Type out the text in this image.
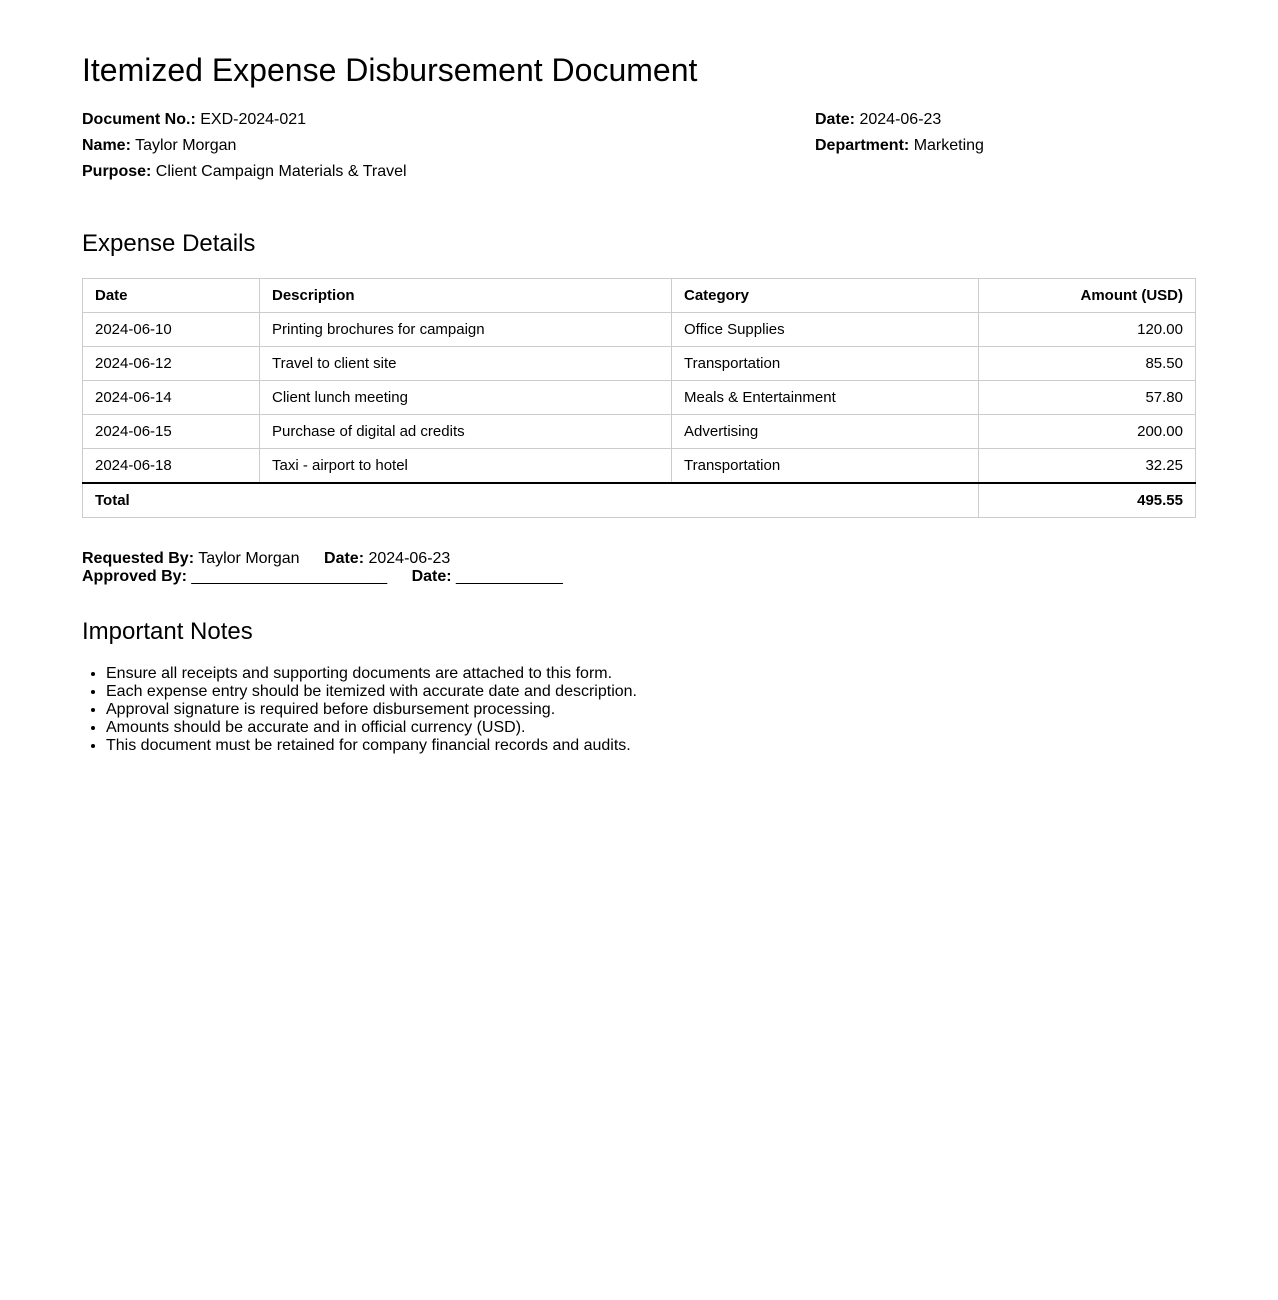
Itemized Expense Disbursement Document
Document No.: EXD-2024-021
Name: Taylor Morgan
Purpose: Client Campaign Materials & Travel
Date: 2024-06-23
Department: Marketing
Expense Details
Date	Description	Category	Amount (USD)
2024-06-10	Printing brochures for campaign	Office Supplies	120.00
2024-06-12	Travel to client site	Transportation	85.50
2024-06-14	Client lunch meeting	Meals & Entertainment	57.80
2024-06-15	Purchase of digital ad credits	Advertising	200.00
2024-06-18	Taxi - airport to hotel	Transportation	32.25
Total			495.55
Requested By: Taylor Morgan Date: 2024-06-23
Approved By: ______________________ Date: ____________
Important Notes
• Ensure all receipts and supporting documents are attached to this form.
• Each expense entry should be itemized with accurate date and description.
• Approval signature is required before disbursement processing.
• Amounts should be accurate and in official currency (USD).
• This document must be retained for company financial records and audits.
